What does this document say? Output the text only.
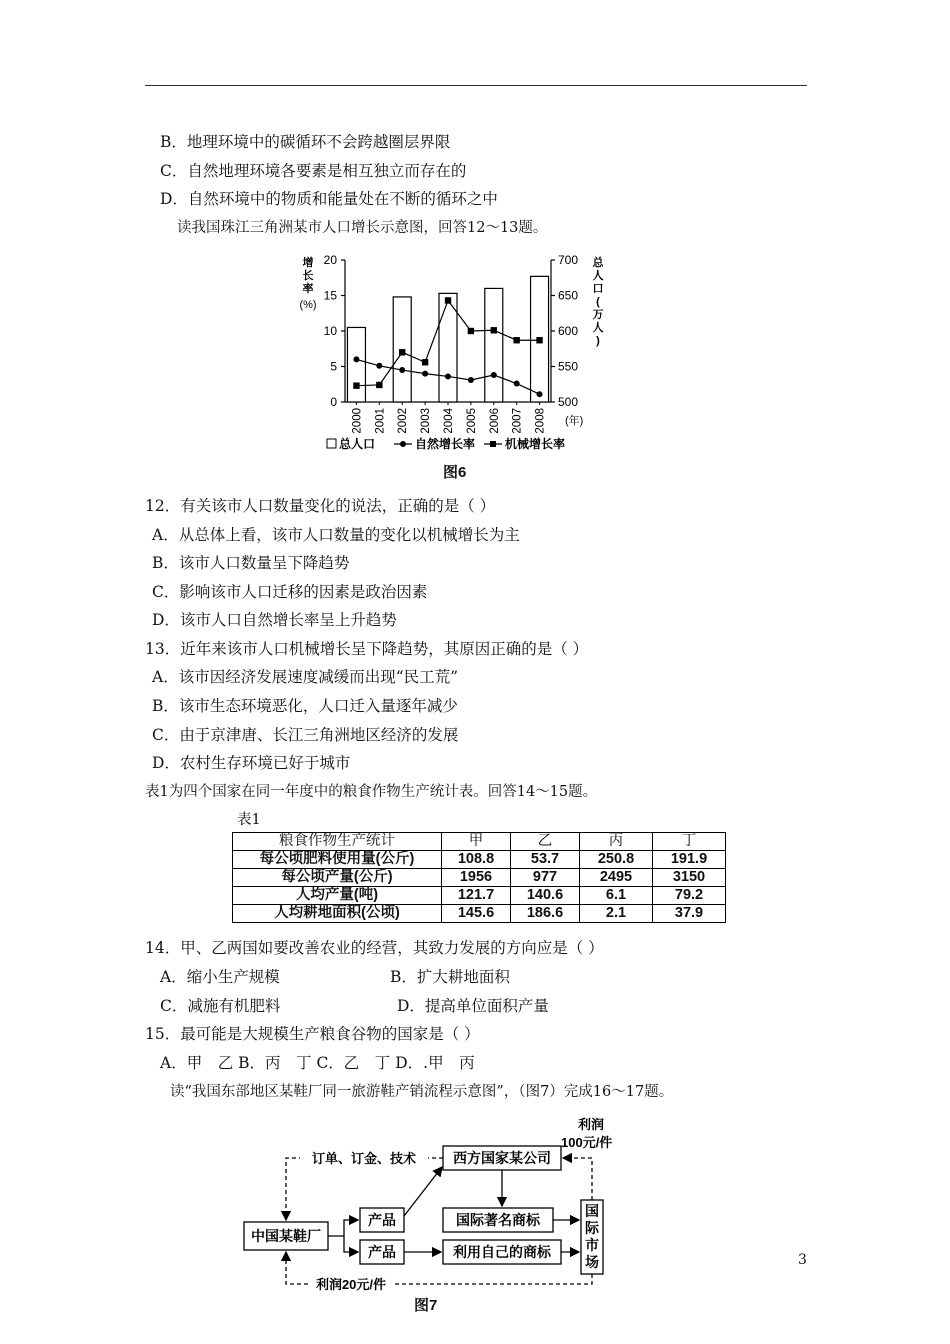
B．地理环境中的碳循环不会跨越圈层界限
C．自然地理环境各要素是相互独立而存在的
D．自然环境中的物质和能量处在不断的循环之中
读我国珠江三角洲某市人口增长示意图，回答12～13题。
0
5
10
15
20
500
550
600
650
700
2000 2001 2002 2003 2004 2005 2006 2007 2008
增
长
率
(%)
总
人
口
(
万
人
)
(年)
总人口	自然增长率 机械增长率
图6
12．有关该市人口数量变化的说法，正确的是（ ）
A．从总体上看，该市人口数量的变化以机械增长为主
B．该市人口数量呈下降趋势
C．影响该市人口迁移的因素是政治因素
D．该市人口自然增长率呈上升趋势
13．近年来该市人口机械增长呈下降趋势，其原因正确的是（ ）
A．该市因经济发展速度减缓而出现“民工荒”
B．该市生态环境恶化，人口迁入量逐年减少
C．由于京津唐、长江三角洲地区经济的发展
D．农村生存环境已好于城市
表1为四个国家在同一年度中的粮食作物生产统计表。回答14～15题。
表1
粮食作物生产统计	甲	乙	丙	丁
每公顷肥料使用量(公斤)	108.8	53.7	250.8	191.9
每公顷产量(公斤)	1956	977	2495	3150
人均产量(吨)	121.7	140.6	6.1	79.2
人均耕地面积(公顷)	145.6	186.6	2.1	37.9
14．甲、乙两国如要改善农业的经营，其致力发展的方向应是（ ）
A．缩小生产规模	B．扩大耕地面积
C．减施有机肥料	D．提高单位面积产量
15．最可能是大规模生产粮食谷物的国家是（ ）
A．甲　乙 B．丙　丁 C．乙　丁 D．.甲　丙
读“我国东部地区某鞋厂同一旅游鞋产销流程示意图”，（图7）完成16～17题。
中国某鞋厂
产品
产品
西方国家某公司
国际著名商标
利用自己的商标
国
际
市
场
订单、订金、技术
利润
100元/件
利润20元/件
图7
3
